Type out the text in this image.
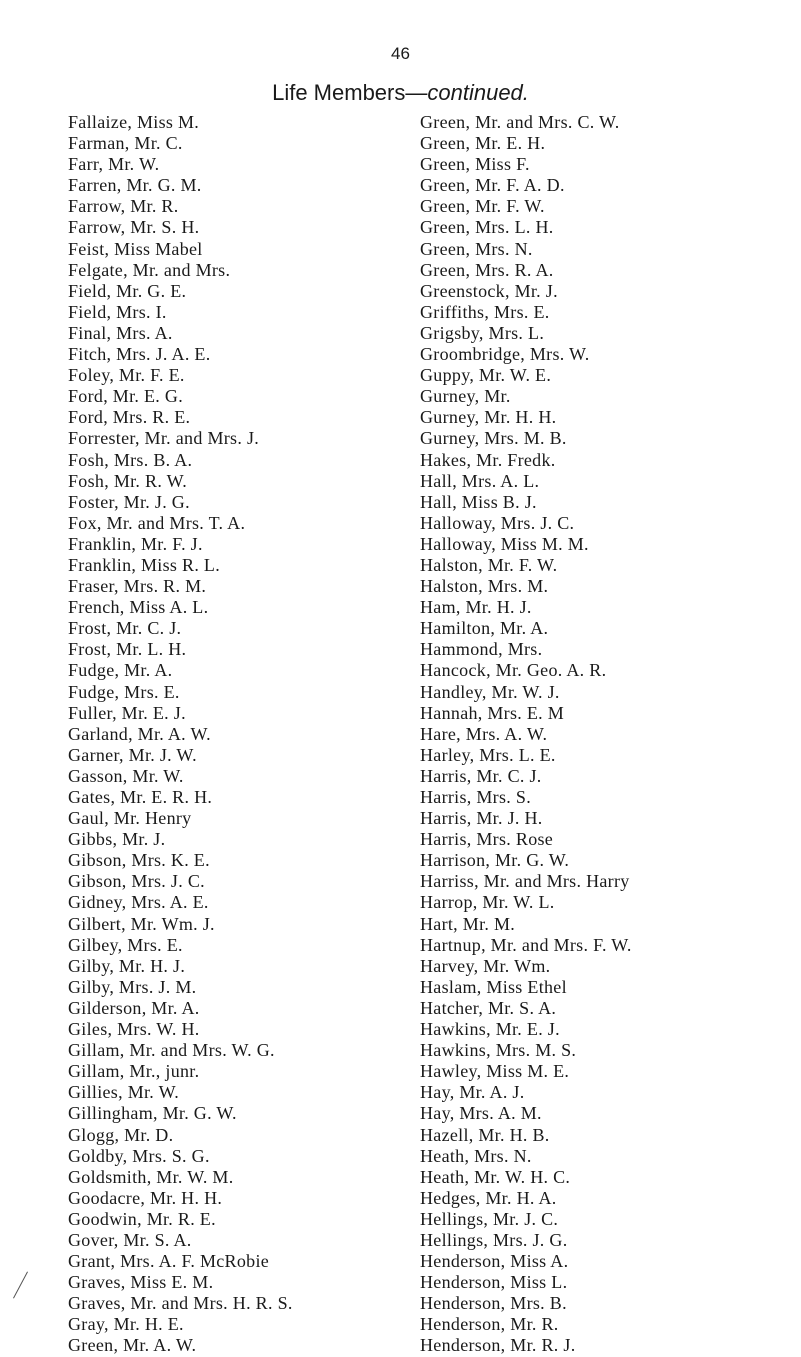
46
Life Members—continued.
Fallaize, Miss M.
Farman, Mr. C.
Farr, Mr. W.
Farren, Mr. G. M.
Farrow, Mr. R.
Farrow, Mr. S. H.
Feist, Miss Mabel
Felgate, Mr. and Mrs.
Field, Mr. G. E.
Field, Mrs. I.
Final, Mrs. A.
Fitch, Mrs. J. A. E.
Foley, Mr. F. E.
Ford, Mr. E. G.
Ford, Mrs. R. E.
Forrester, Mr. and Mrs. J.
Fosh, Mrs. B. A.
Fosh, Mr. R. W.
Foster, Mr. J. G.
Fox, Mr. and Mrs. T. A.
Franklin, Mr. F. J.
Franklin, Miss R. L.
Fraser, Mrs. R. M.
French, Miss A. L.
Frost, Mr. C. J.
Frost, Mr. L. H.
Fudge, Mr. A.
Fudge, Mrs. E.
Fuller, Mr. E. J.
Garland, Mr. A. W.
Garner, Mr. J. W.
Gasson, Mr. W.
Gates, Mr. E. R. H.
Gaul, Mr. Henry
Gibbs, Mr. J.
Gibson, Mrs. K. E.
Gibson, Mrs. J. C.
Gidney, Mrs. A. E.
Gilbert, Mr. Wm. J.
Gilbey, Mrs. E.
Gilby, Mr. H. J.
Gilby, Mrs. J. M.
Gilderson, Mr. A.
Giles, Mrs. W. H.
Gillam, Mr. and Mrs. W. G.
Gillam, Mr., junr.
Gillies, Mr. W.
Gillingham, Mr. G. W.
Glogg, Mr. D.
Goldby, Mrs. S. G.
Goldsmith, Mr. W. M.
Goodacre, Mr. H. H.
Goodwin, Mr. R. E.
Gover, Mr. S. A.
Grant, Mrs. A. F. McRobie
Graves, Miss E. M.
Graves, Mr. and Mrs. H. R. S.
Gray, Mr. H. E.
Green, Mr. A. W.
Green, Mr. and Mrs. C. W.
Green, Mr. E. H.
Green, Miss F.
Green, Mr. F. A. D.
Green, Mr. F. W.
Green, Mrs. L. H.
Green, Mrs. N.
Green, Mrs. R. A.
Greenstock, Mr. J.
Griffiths, Mrs. E.
Grigsby, Mrs. L.
Groombridge, Mrs. W.
Guppy, Mr. W. E.
Gurney, Mr.
Gurney, Mr. H. H.
Gurney, Mrs. M. B.
Hakes, Mr. Fredk.
Hall, Mrs. A. L.
Hall, Miss B. J.
Halloway, Mrs. J. C.
Halloway, Miss M. M.
Halston, Mr. F. W.
Halston, Mrs. M.
Ham, Mr. H. J.
Hamilton, Mr. A.
Hammond, Mrs.
Hancock, Mr. Geo. A. R.
Handley, Mr. W. J.
Hannah, Mrs. E. M
Hare, Mrs. A. W.
Harley, Mrs. L. E.
Harris, Mr. C. J.
Harris, Mrs. S.
Harris, Mr. J. H.
Harris, Mrs. Rose
Harrison, Mr. G. W.
Harriss, Mr. and Mrs. Harry
Harrop, Mr. W. L.
Hart, Mr. M.
Hartnup, Mr. and Mrs. F. W.
Harvey, Mr. Wm.
Haslam, Miss Ethel
Hatcher, Mr. S. A.
Hawkins, Mr. E. J.
Hawkins, Mrs. M. S.
Hawley, Miss M. E.
Hay, Mr. A. J.
Hay, Mrs. A. M.
Hazell, Mr. H. B.
Heath, Mrs. N.
Heath, Mr. W. H. C.
Hedges, Mr. H. A.
Hellings, Mr. J. C.
Hellings, Mrs. J. G.
Henderson, Miss A.
Henderson, Miss L.
Henderson, Mrs. B.
Henderson, Mr. R.
Henderson, Mr. R. J.
